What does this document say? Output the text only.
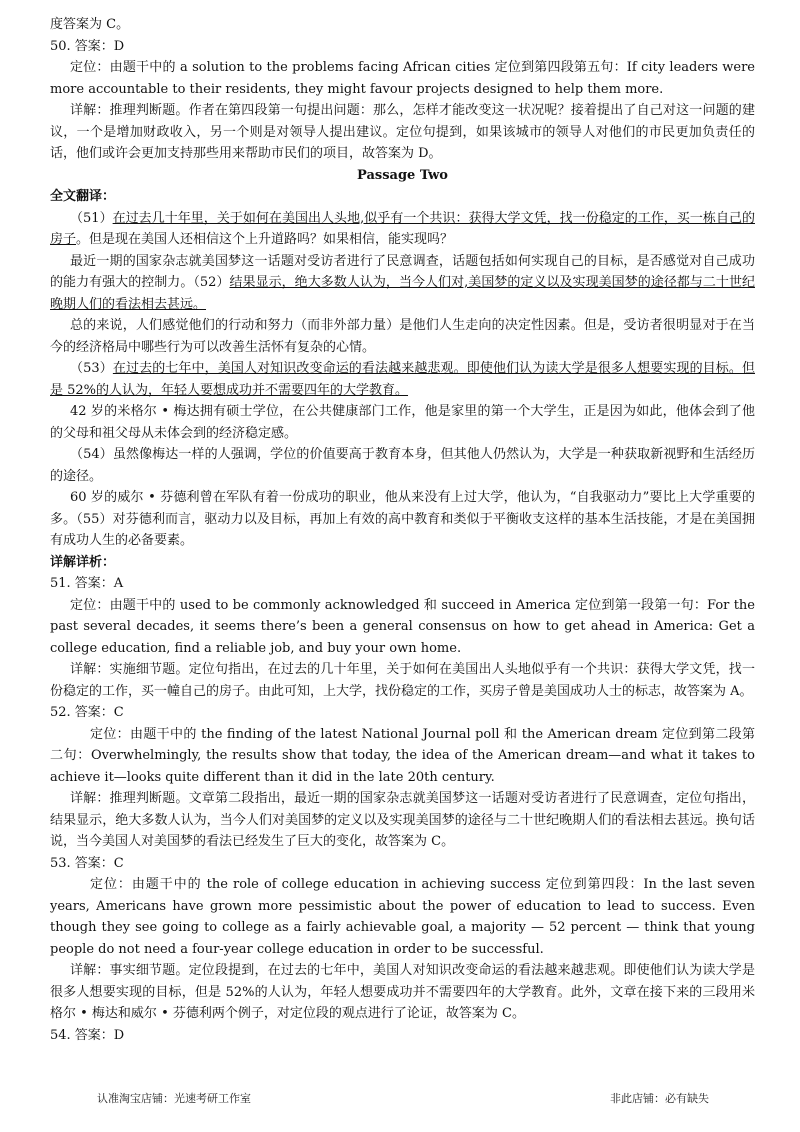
度答案为 C。

50. 答案：D

定位：由题干中的 a solution to the problems facing African cities 定位到第四段第五句：If city leaders were more accountable to their residents, they might favour projects designed to help them more.

详解：推理判断题。作者在第四段第一句提出问题：那么，怎样才能改变这一状况呢？接着提出了自己对这一问题的建议，一个是增加财政收入，另一个则是对领导人提出建议。定位句提到，如果该城市的领导人对他们的市民更加负责任的话，他们或许会更加支持那些用来帮助市民们的项目，故答案为 D。

Passage Two

全文翻译：

（51）在过去几十年里，关于如何在美国出人头地,似乎有一个共识：获得大学文凭，找一份稳定的工作，买一栋自己的房子。但是现在美国人还相信这个上升道路吗？如果相信，能实现吗？

最近一期的国家杂志就美国梦这一话题对受访者进行了民意调查，话题包括如何实现自己的目标，是否感觉对自己成功的能力有强大的控制力。（52）结果显示，绝大多数人认为，当今人们对,美国梦的定义以及实现美国梦的途径都与二十世纪晚期人们的看法相去甚远。

总的来说，人们感觉他们的行动和努力（而非外部力量）是他们人生走向的决定性因素。但是，受访者很明显对于在当今的经济格局中哪些行为可以改善生活怀有复杂的心情。

（53）在过去的七年中，美国人对知识改变命运的看法越来越悲观。即使他们认为读大学是很多人想要实现的目标。但是 52%的人认为，年轻人要想成功并不需要四年的大学教育。

42 岁的米格尔 • 梅达拥有硕士学位，在公共健康部门工作，他是家里的第一个大学生，正是因为如此，他体会到了他的父母和祖父母从未体会到的经济稳定感。

（54）虽然像梅达一样的人强调，学位的价值要高于教育本身，但其他人仍然认为，大学是一种获取新视野和生活经历的途径。

60 岁的威尔 • 芬德利曾在军队有着一份成功的职业，他从来没有上过大学，他认为，“自我驱动力”要比上大学重要的多。（55）对芬德利而言，驱动力以及目标，再加上有效的高中教育和类似于平衡收支这样的基本生活技能，才是在美国拥有成功人生的必备要素。

详解详析：

51. 答案：A

定位：由题干中的 used to be commonly acknowledged 和 succeed in America 定位到第一段第一句：For the past several decades, it seems there’s been a general consensus on how to get ahead in America: Get a college education, find a reliable job, and buy your own home.

详解：实施细节题。定位句指出，在过去的几十年里，关于如何在美国出人头地似乎有一个共识：获得大学文凭，找一份稳定的工作，买一幢自己的房子。由此可知，上大学，找份稳定的工作，买房子曾是美国成功人士的标志，故答案为 A。

52. 答案：C

定位：由题干中的 the finding of the latest National Journal poll 和 the American dream 定位到第二段第二句：Overwhelmingly, the results show that today, the idea of the American dream—and what it takes to achieve it—looks quite different than it did in the late 20th century.

详解：推理判断题。文章第二段指出，最近一期的国家杂志就美国梦这一话题对受访者进行了民意调查，定位句指出，结果显示，绝大多数人认为，当今人们对美国梦的定义以及实现美国梦的途径与二十世纪晚期人们的看法相去甚远。换句话说，当今美国人对美国梦的看法已经发生了巨大的变化，故答案为 C。

53. 答案：C

定位：由题干中的 the role of college education in achieving success 定位到第四段：In the last seven years, Americans have grown more pessimistic about the power of education to lead to success. Even though they see going to college as a fairly achievable goal, a majority — 52 percent — think that young people do not need a four-year college education in order to be successful.

详解：事实细节题。定位段提到，在过去的七年中，美国人对知识改变命运的看法越来越悲观。即使他们认为读大学是很多人想要实现的目标，但是 52%的人认为，年轻人想要成功并不需要四年的大学教育。此外，文章在接下来的三段用米格尔 • 梅达和威尔 • 芬德利两个例子，对定位段的观点进行了论证，故答案为 C。

54. 答案：D

认准淘宝店铺：光速考研工作室	非此店铺：必有缺失
